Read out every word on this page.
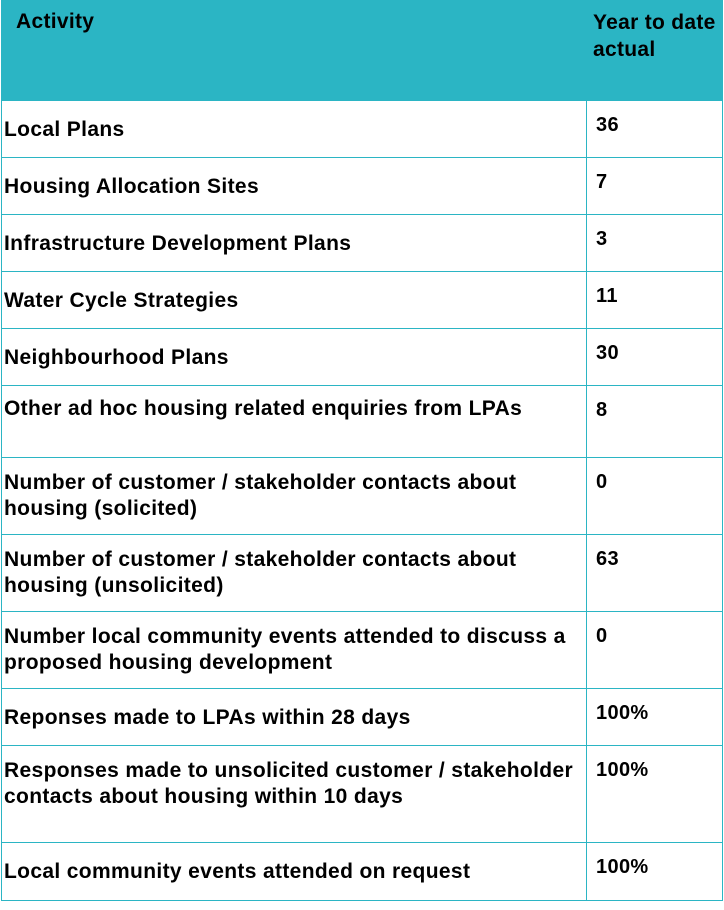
Activity	Year to date actual
Local Plans	36
Housing Allocation Sites	7
Infrastructure Development Plans	3
Water Cycle Strategies	11
Neighbourhood Plans	30
Other ad hoc housing related enquiries from LPAs	8
Number of customer / stakeholder contacts about housing (solicited)	0
Number of customer / stakeholder contacts about housing (unsolicited)	63
Number local community events attended to discuss a proposed housing development	0
Reponses made to LPAs within 28 days	100%
Responses made to unsolicited customer / stakeholder contacts about housing within 10 days	100%
Local community events attended on request	100%
